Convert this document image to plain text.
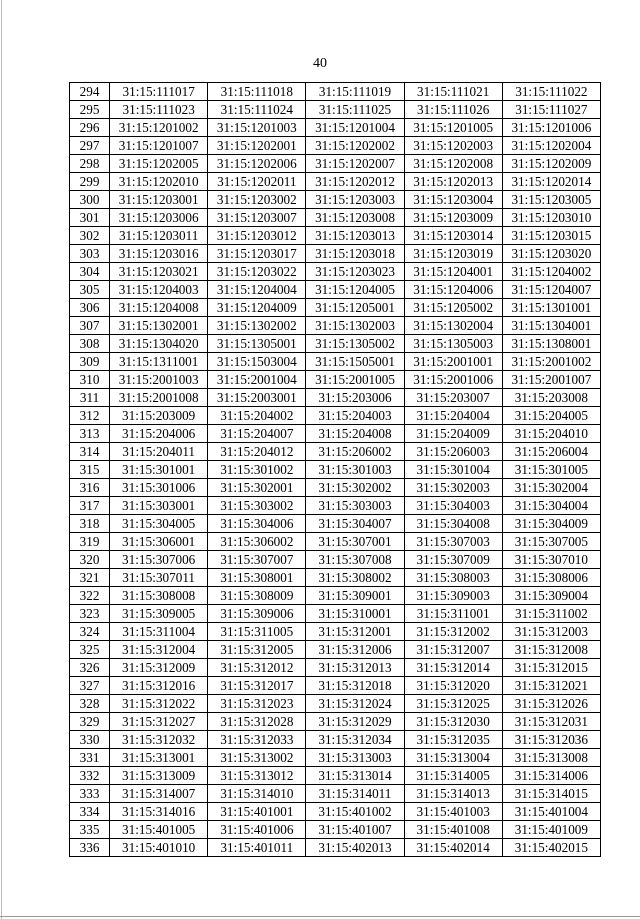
40
294	31:15:111017	31:15:111018	31:15:111019	31:15:111021	31:15:111022
295	31:15:111023	31:15:111024	31:15:111025	31:15:111026	31:15:111027
296	31:15:1201002	31:15:1201003	31:15:1201004	31:15:1201005	31:15:1201006
297	31:15:1201007	31:15:1202001	31:15:1202002	31:15:1202003	31:15:1202004
298	31:15:1202005	31:15:1202006	31:15:1202007	31:15:1202008	31:15:1202009
299	31:15:1202010	31:15:1202011	31:15:1202012	31:15:1202013	31:15:1202014
300	31:15:1203001	31:15:1203002	31:15:1203003	31:15:1203004	31:15:1203005
301	31:15:1203006	31:15:1203007	31:15:1203008	31:15:1203009	31:15:1203010
302	31:15:1203011	31:15:1203012	31:15:1203013	31:15:1203014	31:15:1203015
303	31:15:1203016	31:15:1203017	31:15:1203018	31:15:1203019	31:15:1203020
304	31:15:1203021	31:15:1203022	31:15:1203023	31:15:1204001	31:15:1204002
305	31:15:1204003	31:15:1204004	31:15:1204005	31:15:1204006	31:15:1204007
306	31:15:1204008	31:15:1204009	31:15:1205001	31:15:1205002	31:15:1301001
307	31:15:1302001	31:15:1302002	31:15:1302003	31:15:1302004	31:15:1304001
308	31:15:1304020	31:15:1305001	31:15:1305002	31:15:1305003	31:15:1308001
309	31:15:1311001	31:15:1503004	31:15:1505001	31:15:2001001	31:15:2001002
310	31:15:2001003	31:15:2001004	31:15:2001005	31:15:2001006	31:15:2001007
311	31:15:2001008	31:15:2003001	31:15:203006	31:15:203007	31:15:203008
312	31:15:203009	31:15:204002	31:15:204003	31:15:204004	31:15:204005
313	31:15:204006	31:15:204007	31:15:204008	31:15:204009	31:15:204010
314	31:15:204011	31:15:204012	31:15:206002	31:15:206003	31:15:206004
315	31:15:301001	31:15:301002	31:15:301003	31:15:301004	31:15:301005
316	31:15:301006	31:15:302001	31:15:302002	31:15:302003	31:15:302004
317	31:15:303001	31:15:303002	31:15:303003	31:15:304003	31:15:304004
318	31:15:304005	31:15:304006	31:15:304007	31:15:304008	31:15:304009
319	31:15:306001	31:15:306002	31:15:307001	31:15:307003	31:15:307005
320	31:15:307006	31:15:307007	31:15:307008	31:15:307009	31:15:307010
321	31:15:307011	31:15:308001	31:15:308002	31:15:308003	31:15:308006
322	31:15:308008	31:15:308009	31:15:309001	31:15:309003	31:15:309004
323	31:15:309005	31:15:309006	31:15:310001	31:15:311001	31:15:311002
324	31:15:311004	31:15:311005	31:15:312001	31:15:312002	31:15:312003
325	31:15:312004	31:15:312005	31:15:312006	31:15:312007	31:15:312008
326	31:15:312009	31:15:312012	31:15:312013	31:15:312014	31:15:312015
327	31:15:312016	31:15:312017	31:15:312018	31:15:312020	31:15:312021
328	31:15:312022	31:15:312023	31:15:312024	31:15:312025	31:15:312026
329	31:15:312027	31:15:312028	31:15:312029	31:15:312030	31:15:312031
330	31:15:312032	31:15:312033	31:15:312034	31:15:312035	31:15:312036
331	31:15:313001	31:15:313002	31:15:313003	31:15:313004	31:15:313008
332	31:15:313009	31:15:313012	31:15:313014	31:15:314005	31:15:314006
333	31:15:314007	31:15:314010	31:15:314011	31:15:314013	31:15:314015
334	31:15:314016	31:15:401001	31:15:401002	31:15:401003	31:15:401004
335	31:15:401005	31:15:401006	31:15:401007	31:15:401008	31:15:401009
336	31:15:401010	31:15:401011	31:15:402013	31:15:402014	31:15:402015
